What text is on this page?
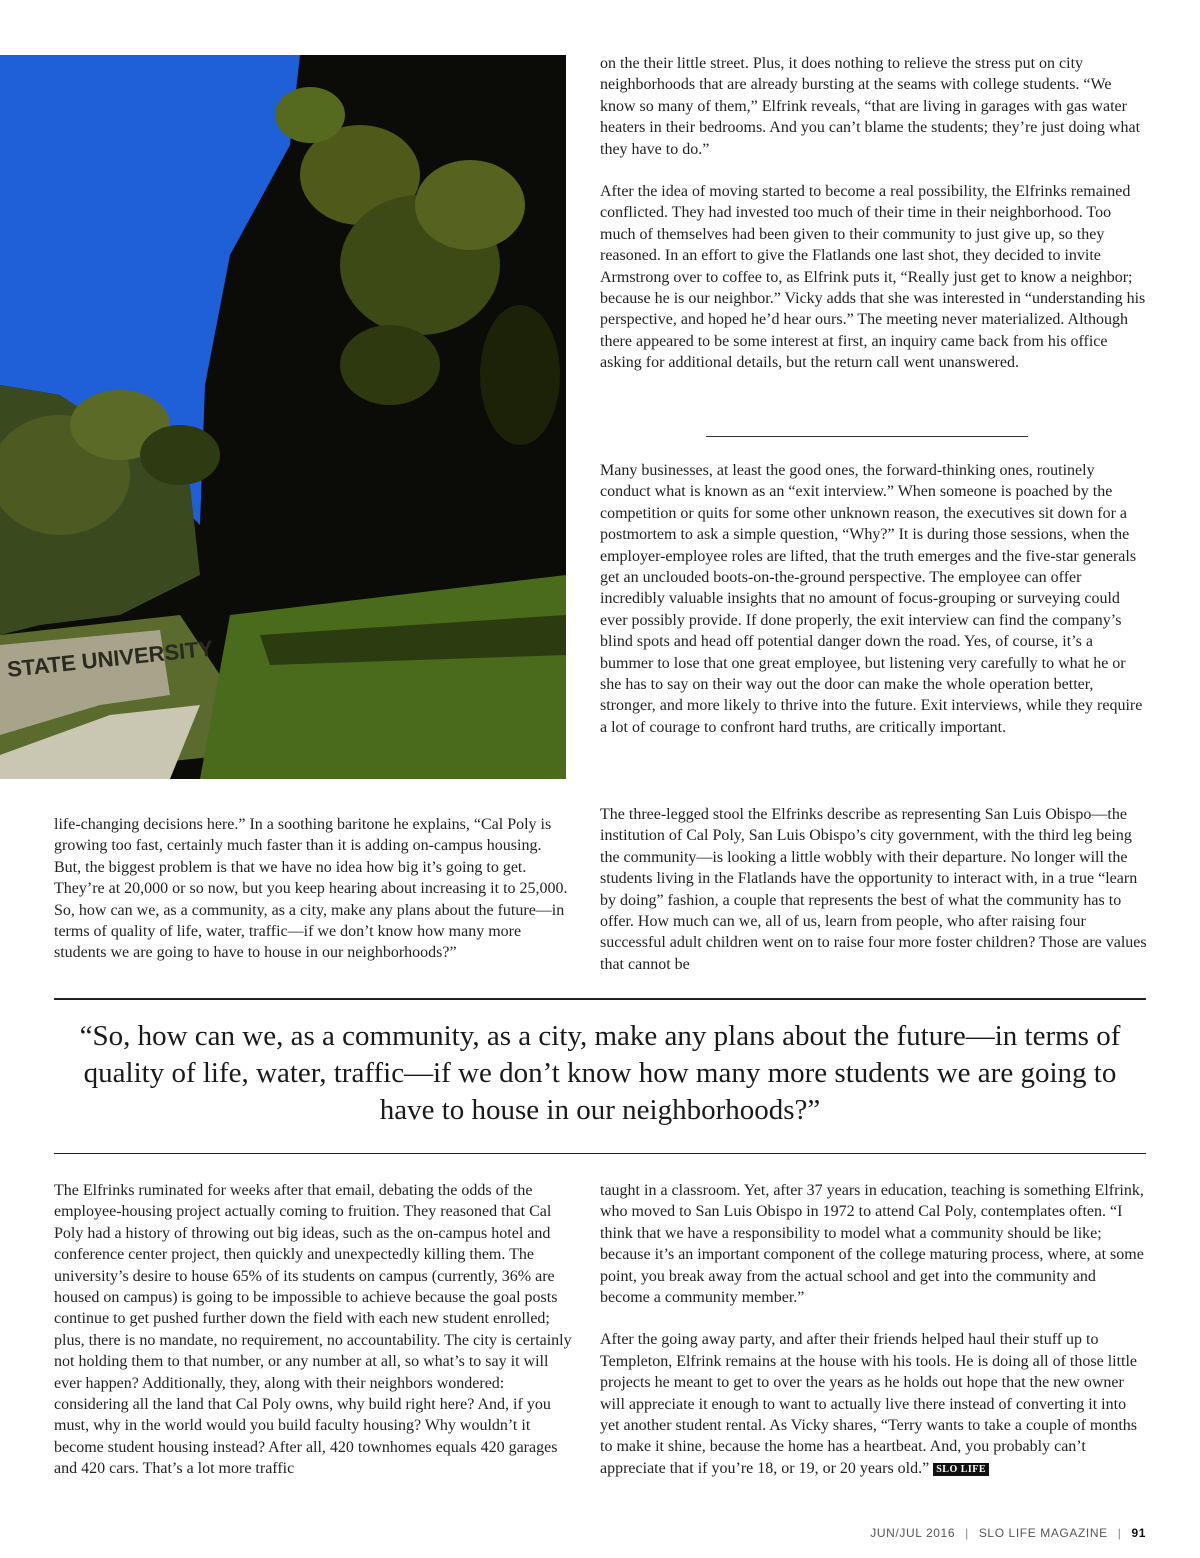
STATE UNIVERSITY

on the their little street. Plus, it does nothing to relieve the stress put on city neighborhoods that are already bursting at the seams with college students. “We know so many of them,” Elfrink reveals, “that are living in garages with gas water heaters in their bedrooms. And you can’t blame the students; they’re just doing what they have to do.”

After the idea of moving started to become a real possibility, the Elfrinks remained conflicted. They had invested too much of their time in their neighborhood. Too much of themselves had been given to their community to just give up, so they reasoned. In an effort to give the Flatlands one last shot, they decided to invite Armstrong over to coffee to, as Elfrink puts it, “Really just get to know a neighbor; because he is our neighbor.” Vicky adds that she was interested in “understanding his perspective, and hoped he’d hear ours.” The meeting never materialized. Although there appeared to be some interest at first, an inquiry came back from his office asking for additional details, but the return call went unanswered.

Many businesses, at least the good ones, the forward-thinking ones, routinely conduct what is known as an “exit interview.” When someone is poached by the competition or quits for some other unknown reason, the executives sit down for a postmortem to ask a simple question, “Why?” It is during those sessions, when the employer-employee roles are lifted, that the truth emerges and the five-star generals get an unclouded boots-on-the-ground perspective. The employee can offer incredibly valuable insights that no amount of focus-grouping or surveying could ever possibly provide. If done properly, the exit interview can find the company’s blind spots and head off potential danger down the road. Yes, of course, it’s a bummer to lose that one great employee, but listening very carefully to what he or she has to say on their way out the door can make the whole operation better, stronger, and more likely to thrive into the future. Exit interviews, while they require a lot of courage to confront hard truths, are critically important.

life-changing decisions here.” In a soothing baritone he explains, “Cal Poly is growing too fast, certainly much faster than it is adding on-campus housing. But, the biggest problem is that we have no idea how big it’s going to get. They’re at 20,000 or so now, but you keep hearing about increasing it to 25,000. So, how can we, as a community, as a city, make any plans about the future—in terms of quality of life, water, traffic—if we don’t know how many more students we are going to have to house in our neighborhoods?”

The three-legged stool the Elfrinks describe as representing San Luis Obispo—the institution of Cal Poly, San Luis Obispo’s city government, with the third leg being the community—is looking a little wobbly with their departure. No longer will the students living in the Flatlands have the opportunity to interact with, in a true “learn by doing” fashion, a couple that represents the best of what the community has to offer. How much can we, all of us, learn from people, who after raising four successful adult children went on to raise four more foster children? Those are values that cannot be

“So, how can we, as a community, as a city, make any plans about the future—in terms of quality of life, water, traffic—if we don’t know how many more students we are going to have to house in our neighborhoods?”

The Elfrinks ruminated for weeks after that email, debating the odds of the employee-housing project actually coming to fruition. They reasoned that Cal Poly had a history of throwing out big ideas, such as the on-campus hotel and conference center project, then quickly and unexpectedly killing them. The university’s desire to house 65% of its students on campus (currently, 36% are housed on campus) is going to be impossible to achieve because the goal posts continue to get pushed further down the field with each new student enrolled; plus, there is no mandate, no requirement, no accountability. The city is certainly not holding them to that number, or any number at all, so what’s to say it will ever happen? Additionally, they, along with their neighbors wondered: considering all the land that Cal Poly owns, why build right here? And, if you must, why in the world would you build faculty housing? Why wouldn’t it become student housing instead? After all, 420 townhomes equals 420 garages and 420 cars. That’s a lot more traffic

taught in a classroom. Yet, after 37 years in education, teaching is something Elfrink, who moved to San Luis Obispo in 1972 to attend Cal Poly, contemplates often. “I think that we have a responsibility to model what a community should be like; because it’s an important component of the college maturing process, where, at some point, you break away from the actual school and get into the community and become a community member.”

After the going away party, and after their friends helped haul their stuff up to Templeton, Elfrink remains at the house with his tools. He is doing all of those little projects he meant to get to over the years as he holds out hope that the new owner will appreciate it enough to want to actually live there instead of converting it into yet another student rental. As Vicky shares, “Terry wants to take a couple of months to make it shine, because the home has a heartbeat. And, you probably can’t appreciate that if you’re 18, or 19, or 20 years old.” SLO LIFE

JUN/JUL 2016 | SLO LIFE MAGAZINE | 91
